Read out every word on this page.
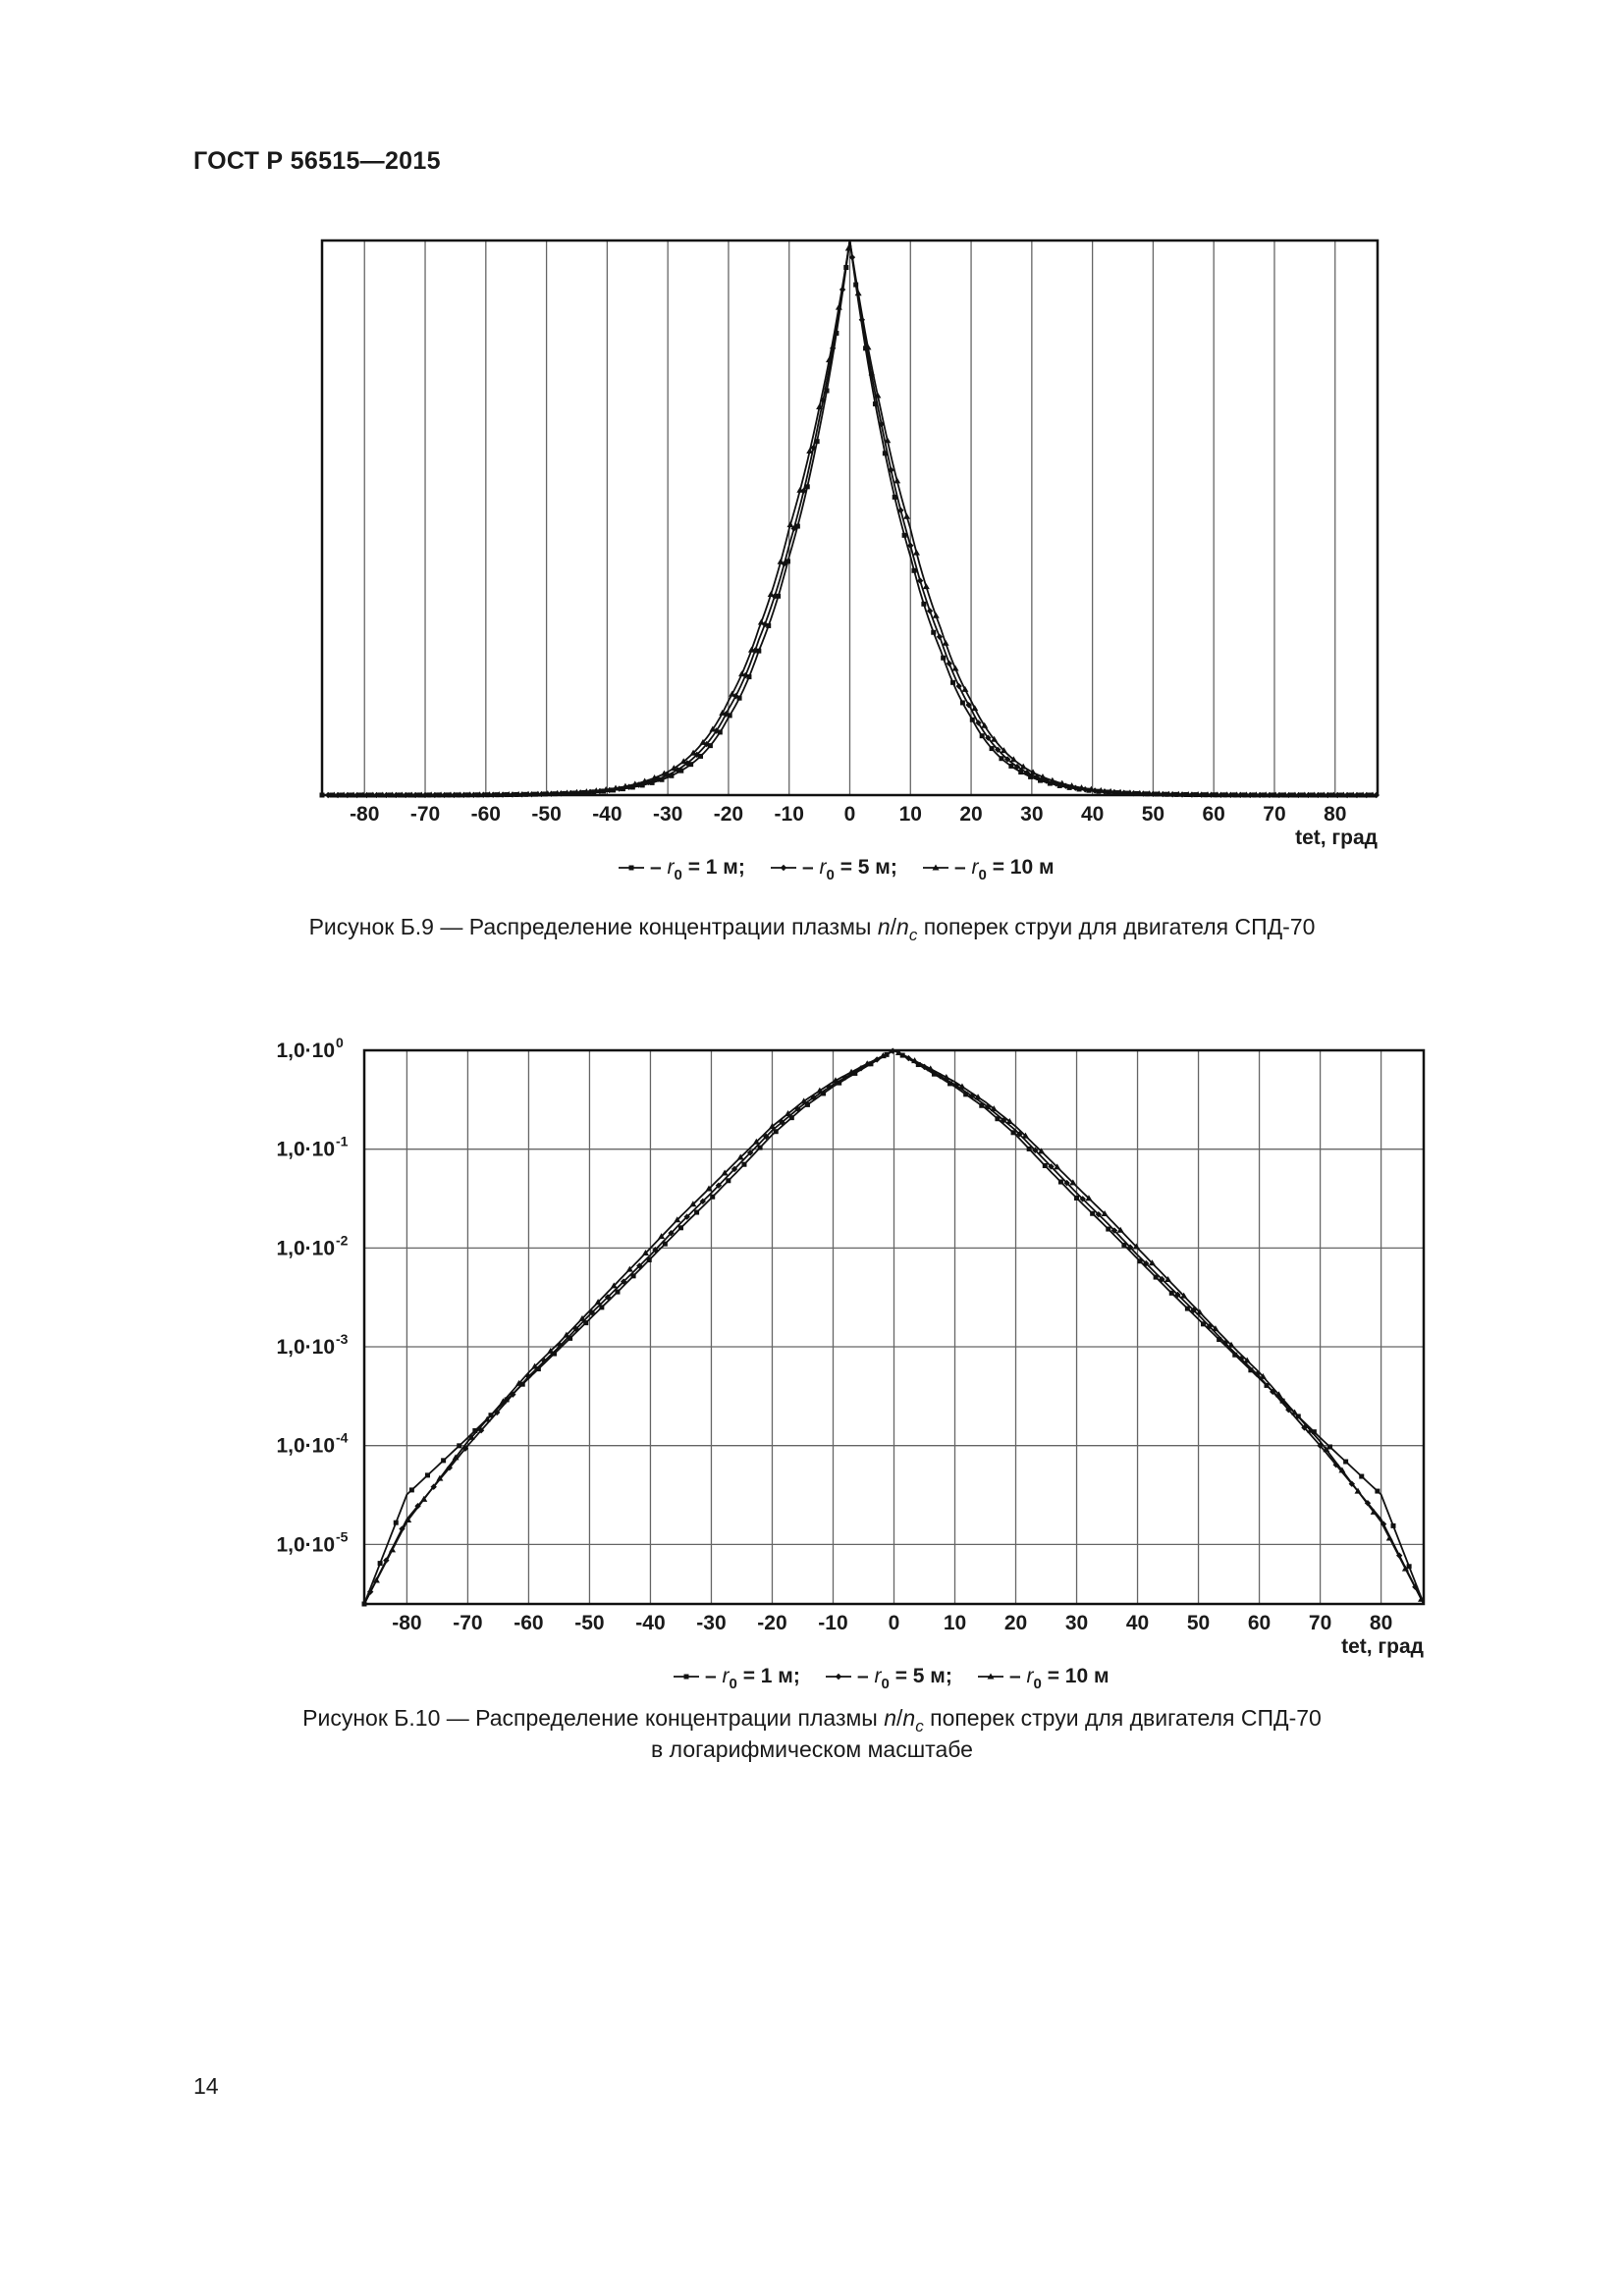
ГОСТ Р 56515—2015
-80 -70 -60 -50 -40 -30 -20 -10 0 10 20 30 40 50 60 70 80
tet, град
– $r_0 = 1$ м;	– $r_0 = 5$ м;	– $r_0 = 10$ м
Рисунок Б.9 — Распределение концентрации плазмы $n/n_c$ поперек струи для двигателя СПД-70
-80 -70 -60 -50 -40 -30 -20 -10 0 10 20 30 40 50 60 70 80
tet, град
1,0·10 0
1,0·10 -1
1,0·10 -2
1,0·10 -3
1,0·10 -4
1,0·10 -5
– $r_0 = 1$ м;	– $r_0 = 5$ м;	– $r_0 = 10$ м
Рисунок Б.10 — Распределение концентрации плазмы $n/n_c$ поперек струи для двигателя СПД-70
в логарифмическом масштабе
14
